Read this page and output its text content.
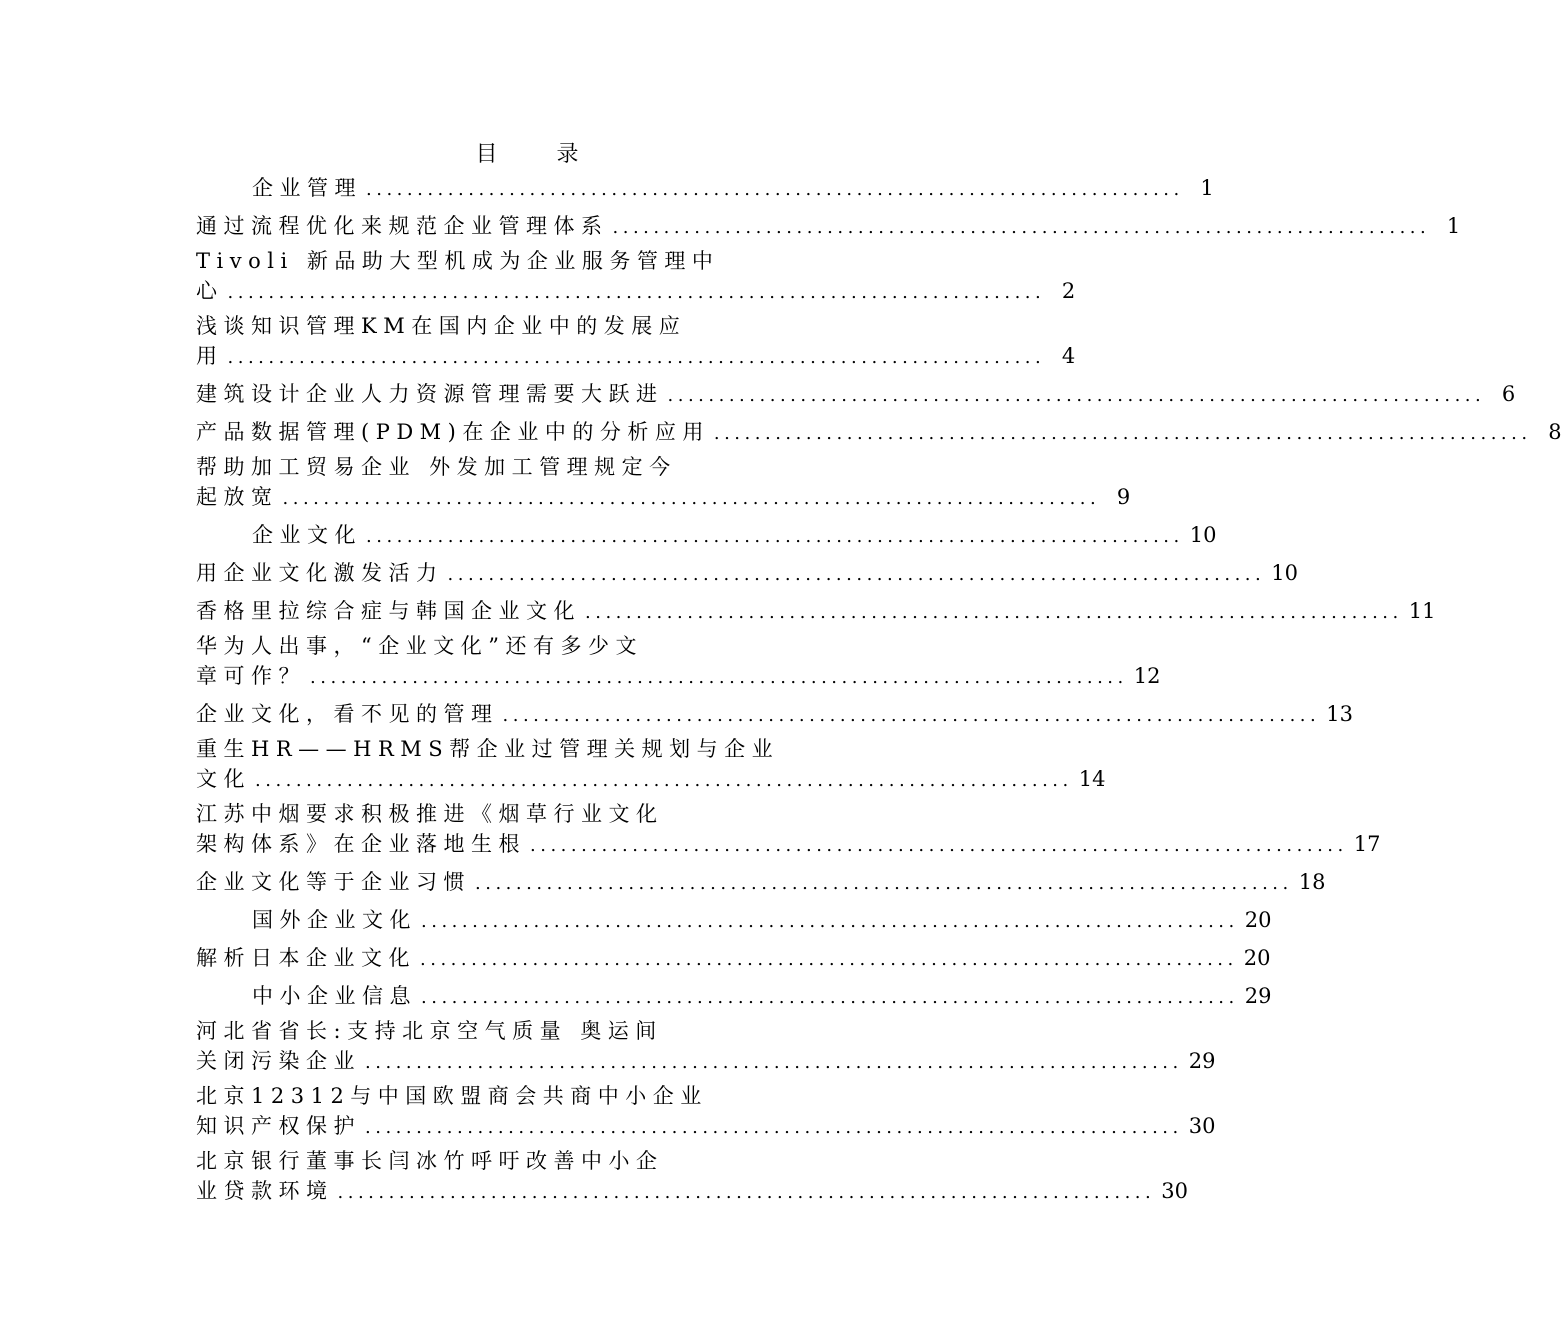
目 录
企业管理 ................................................................................ 1
通过流程优化来规范企业管理体系 ................................................................................ 1
Tivoli 新品助大型机成为企业服务管理中
心 ................................................................................ 2
浅谈知识管理KM在国内企业中的发展应
用 ................................................................................ 4
建筑设计企业人力资源管理需要大跃进 ................................................................................ 6
产品数据管理(PDM)在企业中的分析应用 ................................................................................ 8
帮助加工贸易企业 外发加工管理规定今
起放宽 ................................................................................ 9
企业文化 ................................................................................ 10
用企业文化激发活力 ................................................................................ 10
香格里拉综合症与韩国企业文化 ................................................................................ 11
华为人出事，“企业文化”还有多少文
章可作？ ................................................................................ 12
企业文化，看不见的管理 ................................................................................ 13
重生HR——HRMS帮企业过管理关规划与企业
文化 ................................................................................ 14
江苏中烟要求积极推进《烟草行业文化
架构体系》在企业落地生根 ................................................................................ 17
企业文化等于企业习惯 ................................................................................ 18
国外企业文化 ................................................................................ 20
解析日本企业文化 ................................................................................ 20
中小企业信息 ................................................................................ 29
河北省省长:支持北京空气质量 奥运间
关闭污染企业 ................................................................................ 29
北京12312与中国欧盟商会共商中小企业
知识产权保护 ................................................................................ 30
北京银行董事长闫冰竹呼吁改善中小企
业贷款环境 ................................................................................ 30
